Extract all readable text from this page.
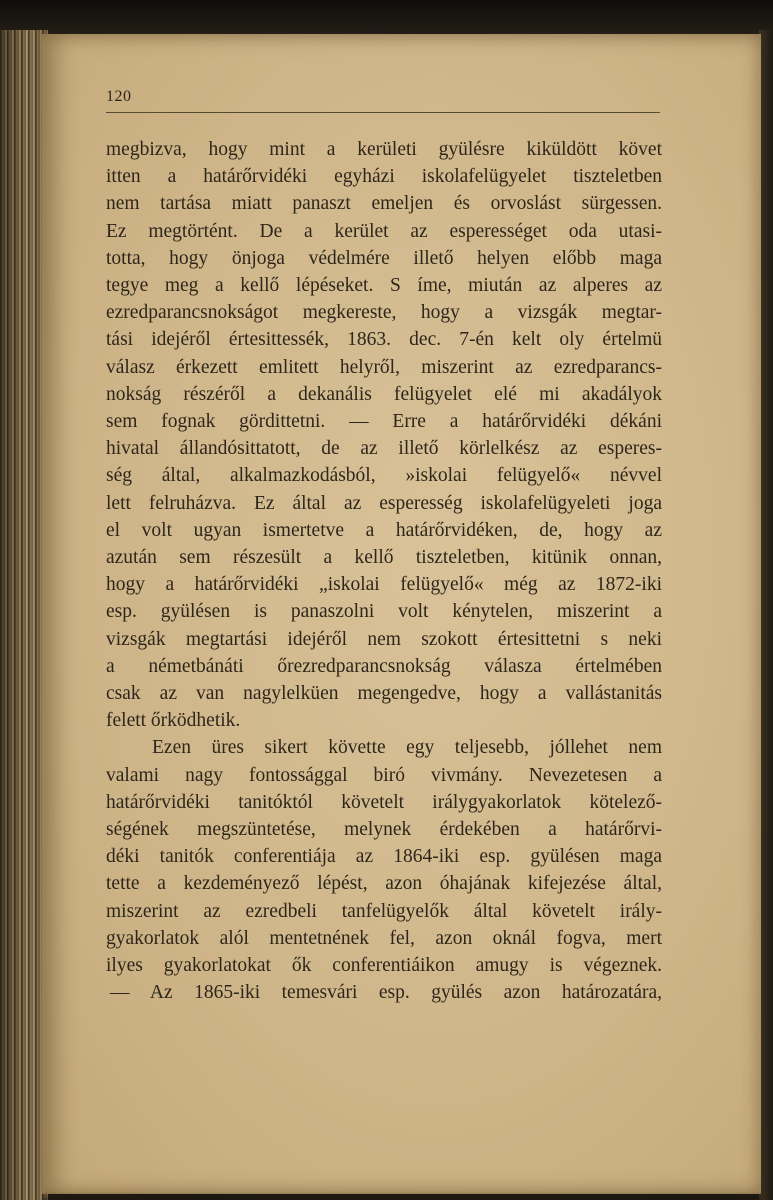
120
megbizva, hogy mint a kerületi gyülésre kiküldött követ
itten a határőrvidéki egyházi iskolafelügyelet tiszteletben
nem tartása miatt panaszt emeljen és orvoslást sürgessen.
Ez megtörtént. De a kerület az esperességet oda utasi-
totta, hogy önjoga védelmére illető helyen előbb maga
tegye meg a kellő lépéseket. S íme, miután az alperes az
ezredparancsnokságot megkereste, hogy a vizsgák megtar-
tási idejéről értesittessék, 1863. dec. 7-én kelt oly értelmü
válasz érkezett emlitett helyről, miszerint az ezredparancs-
nokság részéről a dekanális felügyelet elé mi akadályok
sem fognak gördittetni. — Erre a határőrvidéki dékáni
hivatal állandósittatott, de az illető körlelkész az esperes-
ség által, alkalmazkodásból, »iskolai felügyelő« névvel
lett felruházva. Ez által az esperesség iskolafelügyeleti joga
el volt ugyan ismertetve a határőrvidéken, de, hogy az
azután sem részesült a kellő tiszteletben, kitünik onnan,
hogy a határőrvidéki „iskolai felügyelő« még az 1872-iki
esp. gyülésen is panaszolni volt kénytelen, miszerint a
vizsgák megtartási idejéről nem szokott értesittetni s neki
a németbánáti őrezredparancsnokság válasza értelmében
csak az van nagylelküen megengedve, hogy a vallástanitás
felett őrködhetik.
Ezen üres sikert követte egy teljesebb, jóllehet nem
valami nagy fontossággal biró vivmány. Nevezetesen a
határőrvidéki tanitóktól követelt irálygyakorlatok kötelező-
ségének megszüntetése, melynek érdekében a határőrvi-
déki tanitók conferentiája az 1864-iki esp. gyülésen maga
tette a kezdeményező lépést, azon óhajának kifejezése által,
miszerint az ezredbeli tanfelügyelők által követelt irály-
gyakorlatok alól mentetnének fel, azon oknál fogva, mert
ilyes gyakorlatokat ők conferentiáikon amugy is végeznek.
— Az 1865-iki temesvári esp. gyülés azon határozatára,
